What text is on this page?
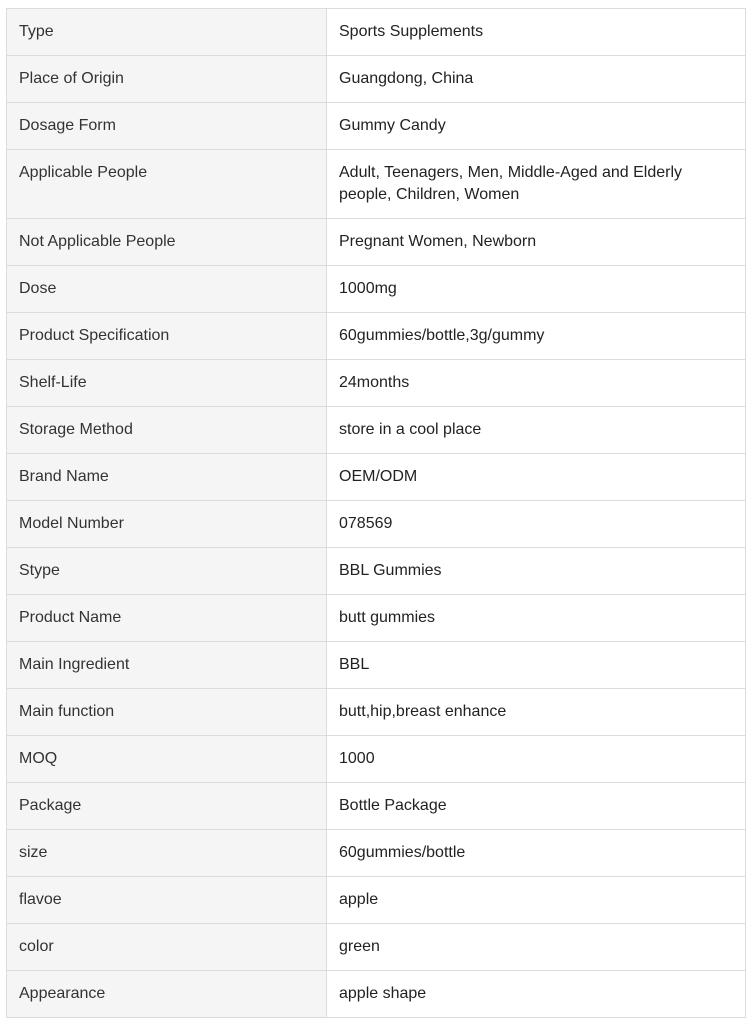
Type	Sports Supplements
Place of Origin	Guangdong, China
Dosage Form	Gummy Candy
Applicable People	Adult, Teenagers, Men, Middle-Aged and Elderly people, Children, Women
Not Applicable People	Pregnant Women, Newborn
Dose	1000mg
Product Specification	60gummies/bottle,3g/gummy
Shelf-Life	24months
Storage Method	store in a cool place
Brand Name	OEM/ODM
Model Number	078569
Stype	BBL Gummies
Product Name	butt gummies
Main Ingredient	BBL
Main function	butt,hip,breast enhance
MOQ	1000
Package	Bottle Package
size	60gummies/bottle
flavoe	apple
color	green
Appearance	apple shape
